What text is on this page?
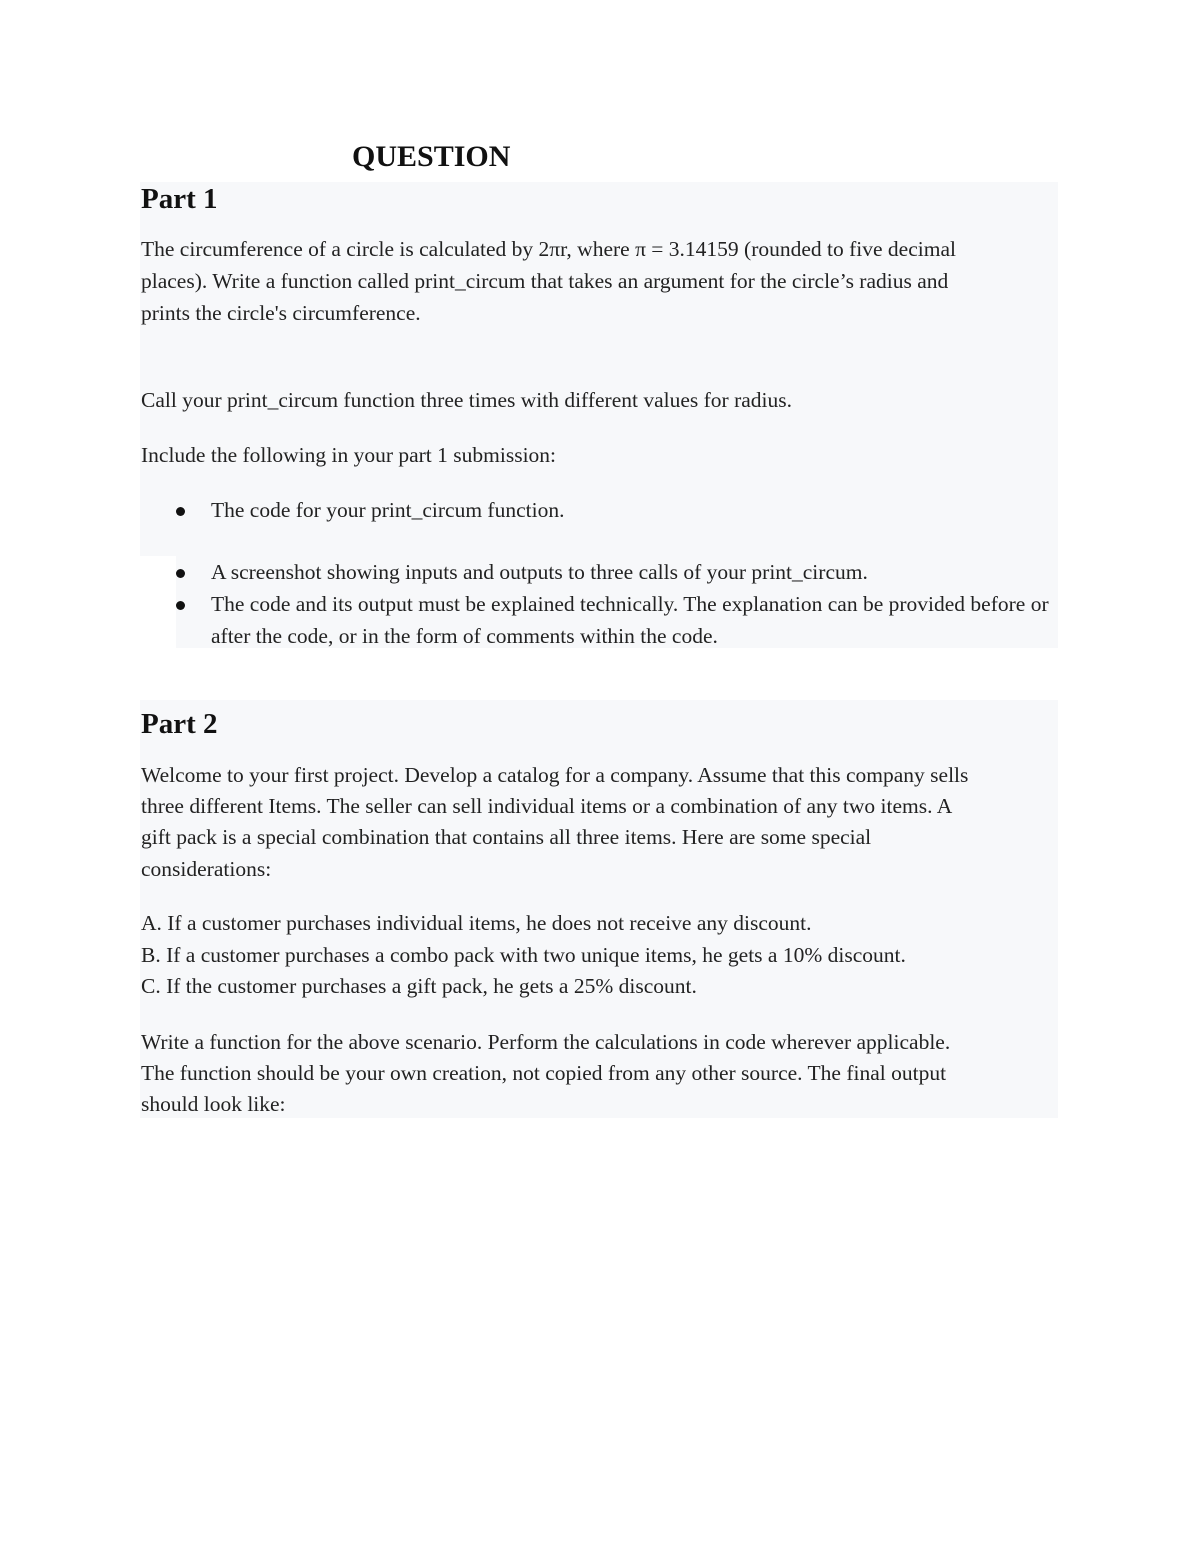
QUESTION
Part 1

The circumference of a circle is calculated by 2πr, where π = 3.14159 (rounded to five decimal

places). Write a function called print_circum that takes an argument for the circle’s radius and

prints the circle's circumference.

Call your print_circum function three times with different values for radius.

Include the following in your part 1 submission:

The code for your print_circum function.
A screenshot showing inputs and outputs to three calls of your print_circum.
The code and its output must be explained technically. The explanation can be provided before or after the code, or in the form of comments within the code.
Part 2

Welcome to your first project. Develop a catalog for a company. Assume that this company sells

three different Items. The seller can sell individual items or a combination of any two items. A

gift pack is a special combination that contains all three items. Here are some special

considerations:

A. If a customer purchases individual items, he does not receive any discount.

B. If a customer purchases a combo pack with two unique items, he gets a 10% discount.

C. If the customer purchases a gift pack, he gets a 25% discount.

Write a function for the above scenario. Perform the calculations in code wherever applicable.

The function should be your own creation, not copied from any other source. The final output

should look like:
